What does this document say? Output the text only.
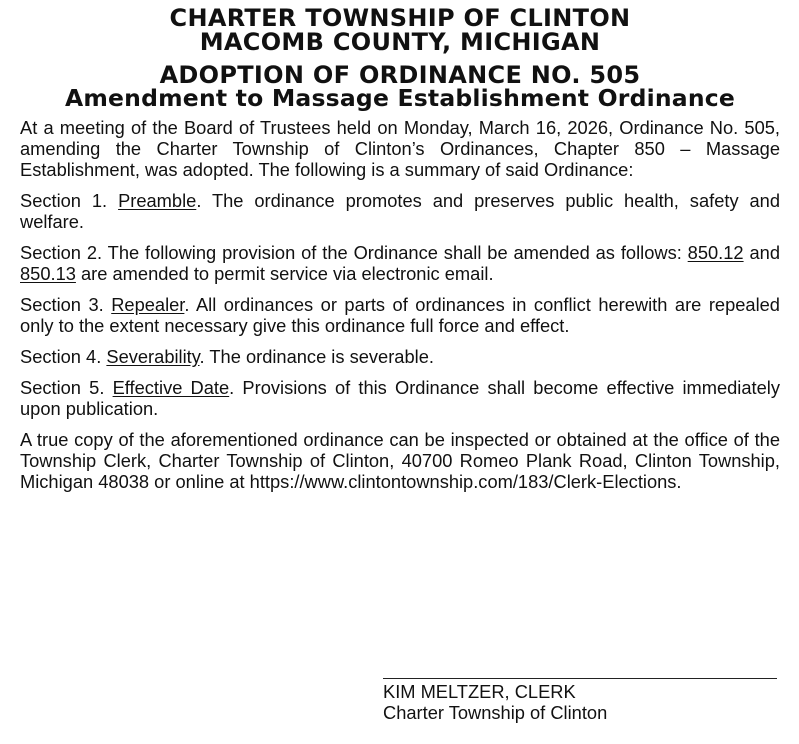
CHARTER TOWNSHIP OF CLINTON
MACOMB COUNTY, MICHIGAN
ADOPTION OF ORDINANCE NO. 505
Amendment to Massage Establishment Ordinance

At a meeting of the Board of Trustees held on Monday, March 16, 2026, Ordinance No. 505, amending the Charter Township of Clinton’s Ordinances, Chapter 850 – Massage Establishment, was adopted. The following is a summary of said Ordinance:

Section 1. Preamble. The ordinance promotes and preserves public health, safety and welfare.

Section 2. The following provision of the Ordinance shall be amended as follows: 850.12 and 850.13 are amended to permit service via electronic email.

Section 3. Repealer. All ordinances or parts of ordinances in conflict herewith are repealed only to the extent necessary give this ordinance full force and effect.

Section 4. Severability. The ordinance is severable.

Section 5. Effective Date. Provisions of this Ordinance shall become effective immediately upon publication.

A true copy of the aforementioned ordinance can be inspected or obtained at the office of the Township Clerk, Charter Township of Clinton, 40700 Romeo Plank Road, Clinton Township, Michigan 48038 or online at https://www.clintontownship.com/183/Clerk-Elections.

KIM MELTZER, CLERK
Charter Township of Clinton
